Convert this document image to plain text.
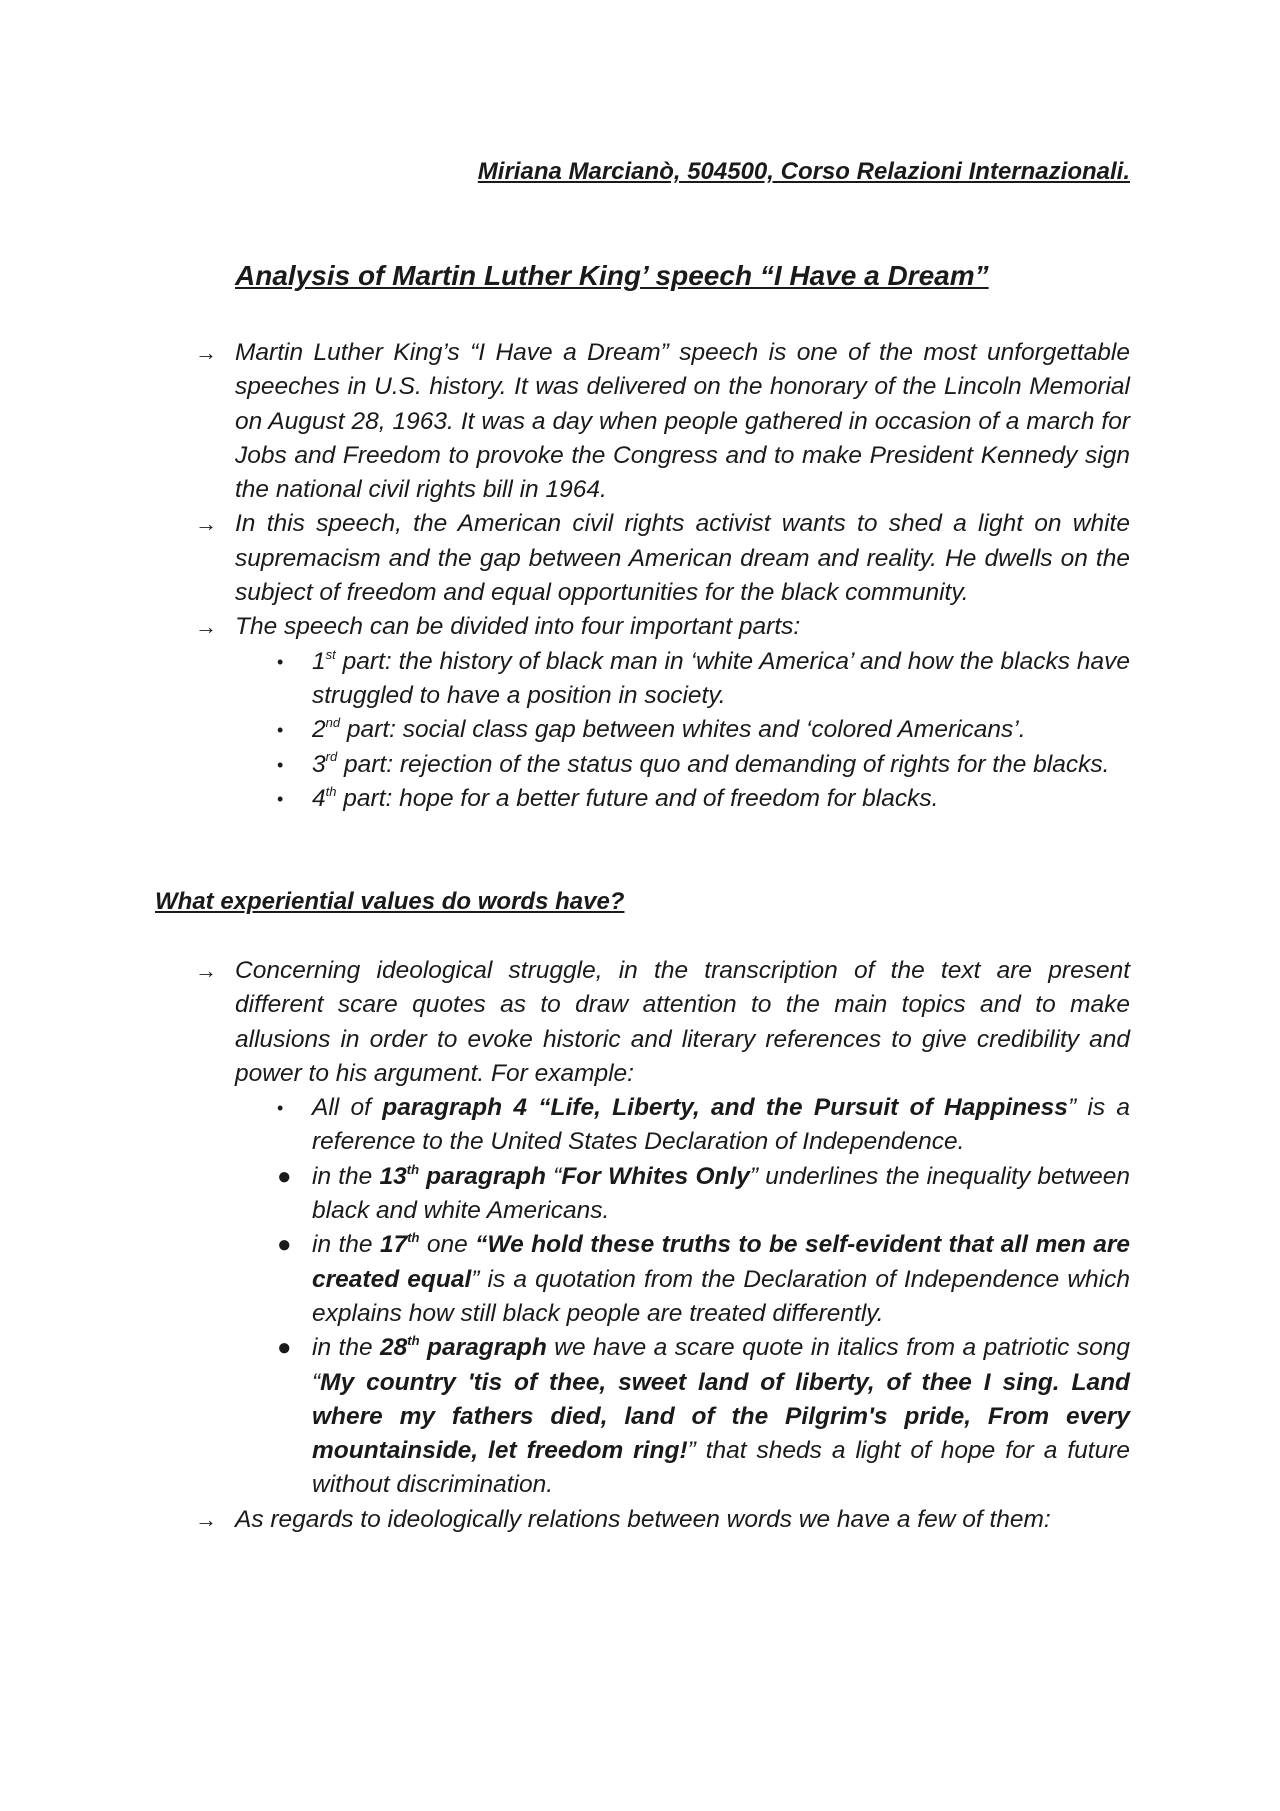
Miriana Marcianò, 504500, Corso Relazioni Internazionali.
Analysis of Martin Luther King’ speech “I Have a Dream”
→ Martin Luther King’s “I Have a Dream” speech is one of the most unforgettable speeches in U.S. history. It was delivered on the honorary of the Lincoln Memorial on August 28, 1963. It was a day when people gathered in occasion of a march for Jobs and Freedom to provoke the Congress and to make President Kennedy sign the national civil rights bill in 1964.

→ In this speech, the American civil rights activist wants to shed a light on white supremacism and the gap between American dream and reality. He dwells on the subject of freedom and equal opportunities for the black community.

→ The speech can be divided into four important parts:

• 1st part: the history of black man in ‘white America’ and how the blacks have struggled to have a position in society.

• 2nd part: social class gap between whites and ‘colored Americans’.

• 3rd part: rejection of the status quo and demanding of rights for the blacks.

• 4th part: hope for a better future and of freedom for blacks.

What experiential values do words have?
→ Concerning ideological struggle, in the transcription of the text are present different scare quotes as to draw attention to the main topics and to make allusions in order to evoke historic and literary references to give credibility and power to his argument. For example:

• All of paragraph 4 “Life, Liberty, and the Pursuit of Happiness” is a reference to the United States Declaration of Independence.

● in the 13th paragraph “For Whites Only” underlines the inequality between black and white Americans.

● in the 17th one “We hold these truths to be self-evident that all men are created equal” is a quotation from the Declaration of Independence which explains how still black people are treated differently.

● in the 28th paragraph we have a scare quote in italics from a patriotic song “My country 'tis of thee, sweet land of liberty, of thee I sing. Land where my fathers died, land of the Pilgrim's pride, From every mountainside, let freedom ring!” that sheds a light of hope for a future without discrimination.

→ As regards to ideologically relations between words we have a few of them:
